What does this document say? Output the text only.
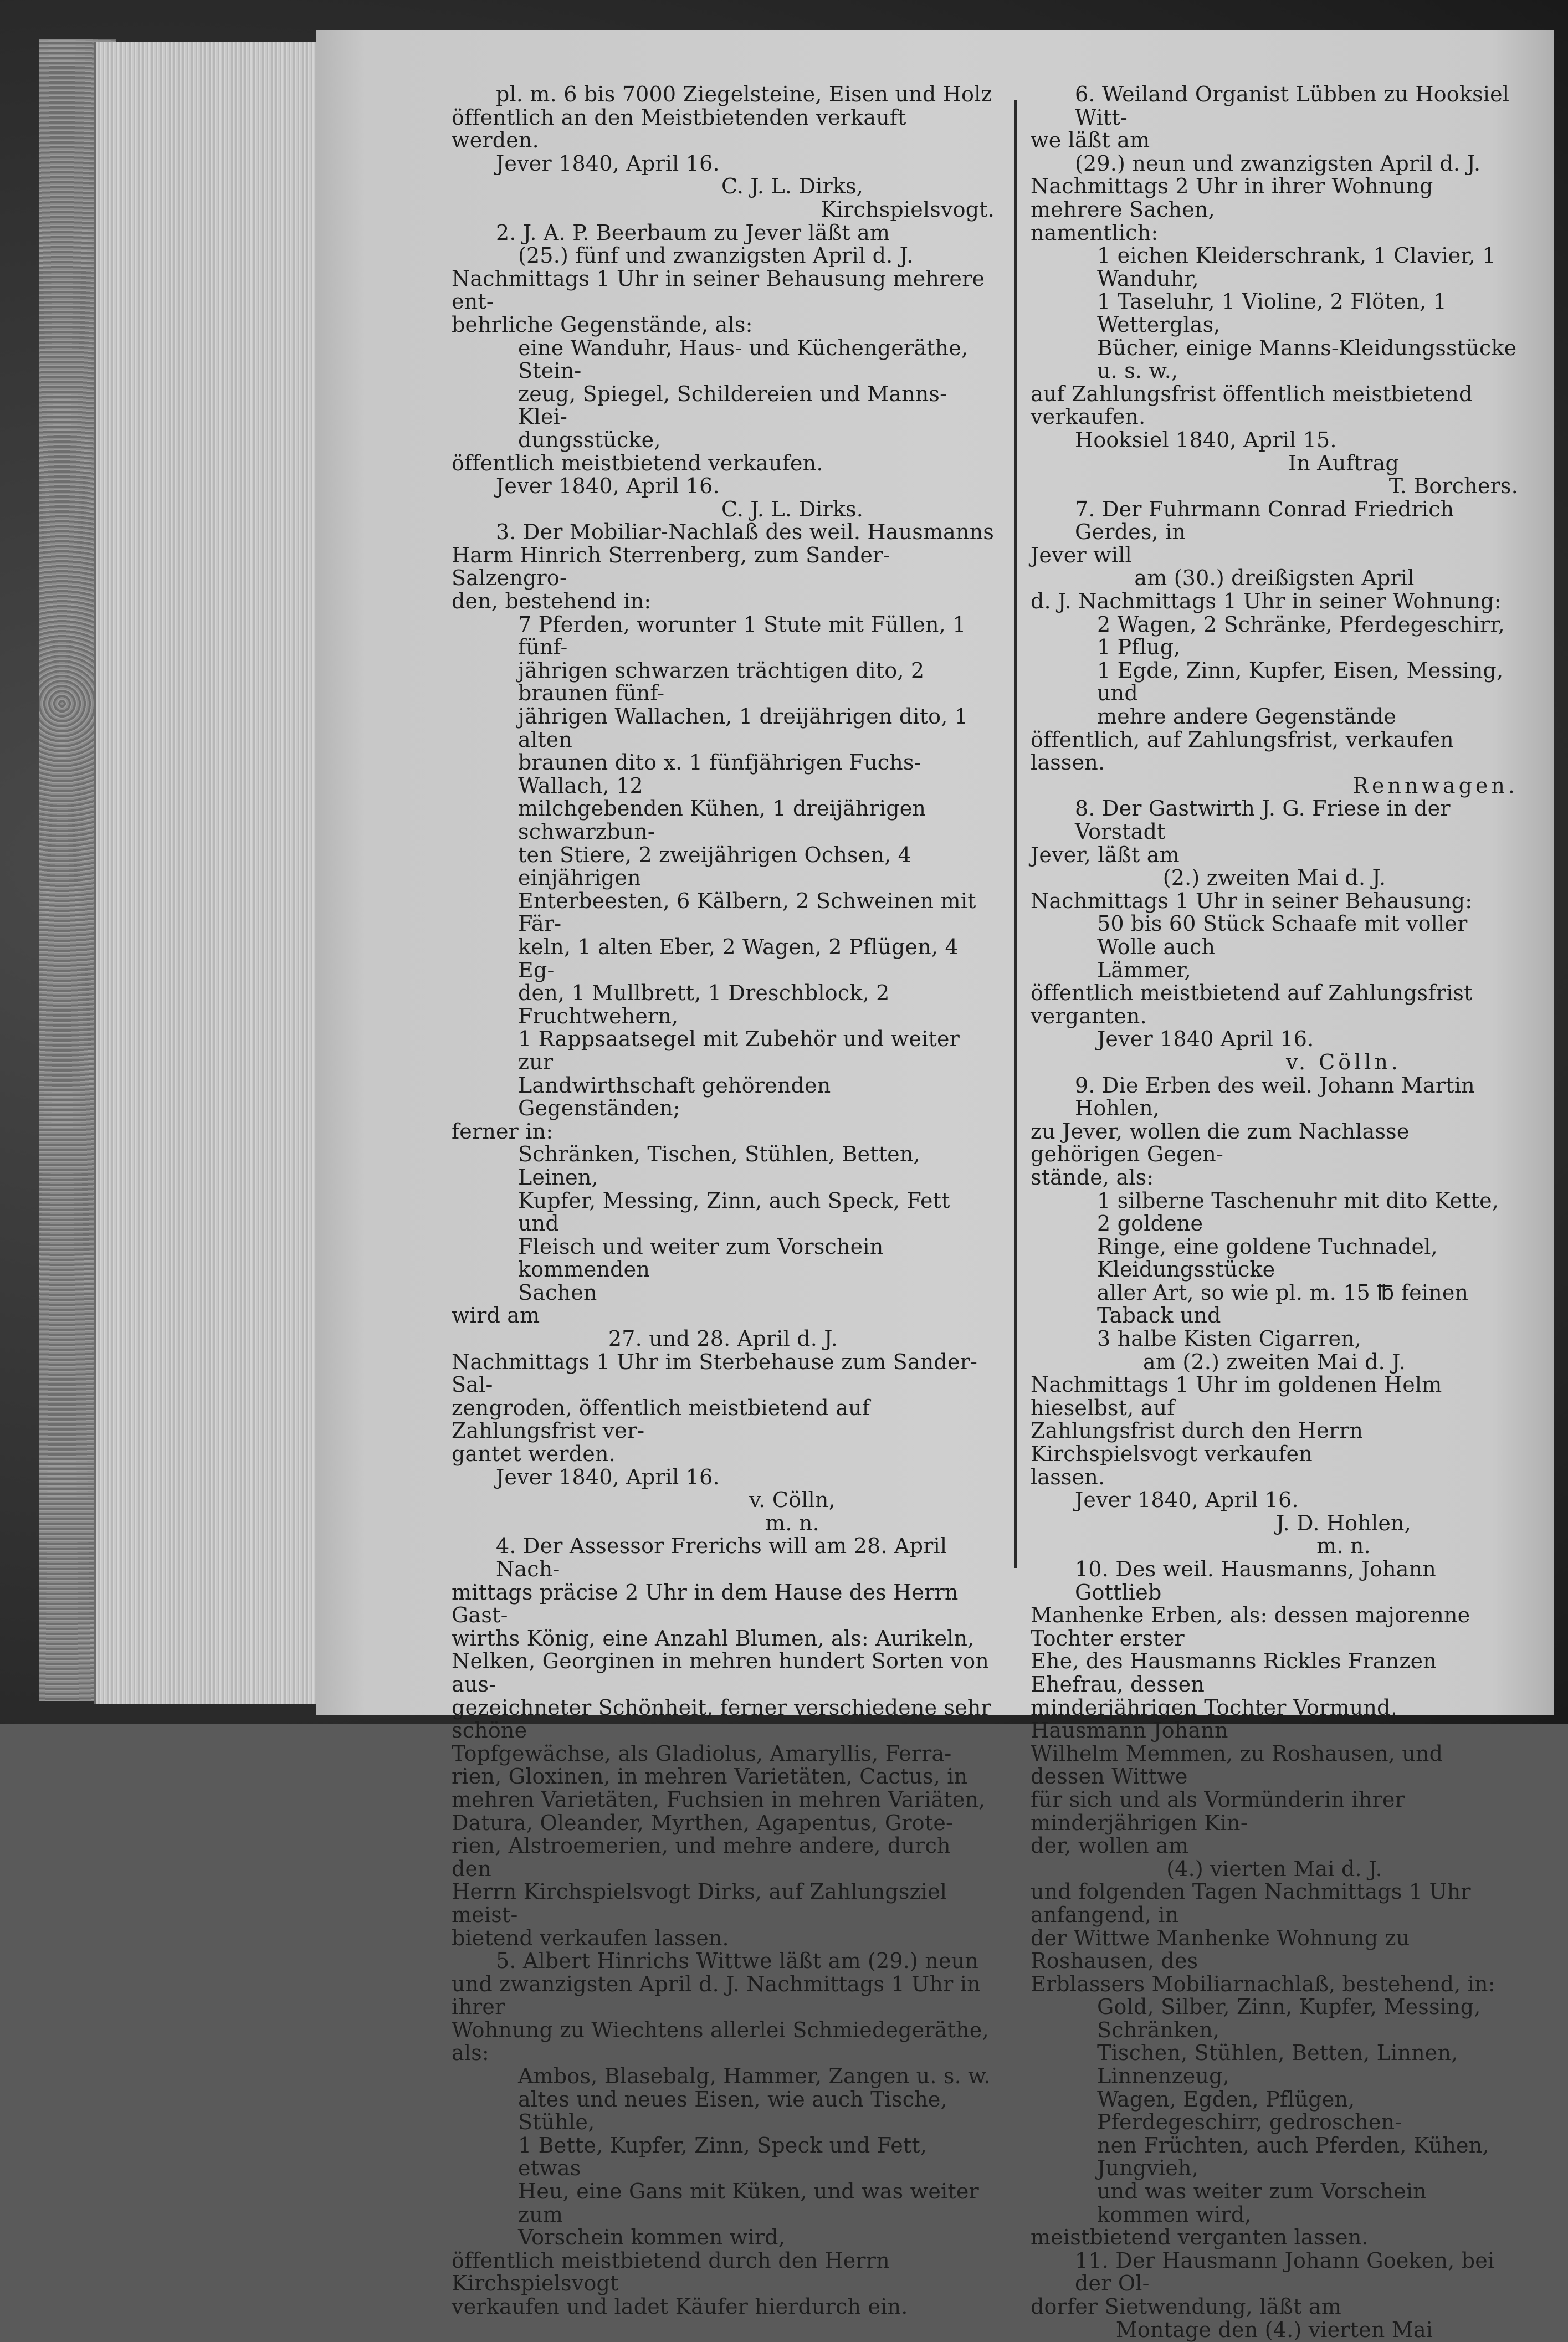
pl. m. 6 bis 7000 Ziegelsteine, Eisen und Holz

öffentlich an den Meistbietenden verkauft werden.

Jever 1840, April 16.

C. J. L. Dirks,

Kirchspielsvogt.

2. J. A. P. Beerbaum zu Jever läßt am

(25.) fünf und zwanzigsten April d. J.

Nachmittags 1 Uhr in seiner Behausung mehrere ent-

behrliche Gegenstände, als:

eine Wanduhr, Haus- und Küchengeräthe, Stein-

zeug, Spiegel, Schildereien und Manns-Klei-

dungsstücke,

öffentlich meistbietend verkaufen.

Jever 1840, April 16.

C. J. L. Dirks.

3. Der Mobiliar-Nachlaß des weil. Hausmanns

Harm Hinrich Sterrenberg, zum Sander-Salzengro-

den, bestehend in:

7 Pferden, worunter 1 Stute mit Füllen, 1 fünf-

jährigen schwarzen trächtigen dito, 2 braunen fünf-

jährigen Wallachen, 1 dreijährigen dito, 1 alten

braunen dito x. 1 fünfjährigen Fuchs-Wallach, 12

milchgebenden Kühen, 1 dreijährigen schwarzbun-

ten Stiere, 2 zweijährigen Ochsen, 4 einjährigen

Enterbeesten, 6 Kälbern, 2 Schweinen mit Fär-

keln, 1 alten Eber, 2 Wagen, 2 Pflügen, 4 Eg-

den, 1 Mullbrett, 1 Dreschblock, 2 Fruchtwehern,

1 Rappsaatsegel mit Zubehör und weiter zur

Landwirthschaft gehörenden Gegenständen;

ferner in:

Schränken, Tischen, Stühlen, Betten, Leinen,

Kupfer, Messing, Zinn, auch Speck, Fett und

Fleisch und weiter zum Vorschein kommenden

Sachen

wird am

27. und 28. April d. J.

Nachmittags 1 Uhr im Sterbehause zum Sander-Sal-

zengroden, öffentlich meistbietend auf Zahlungsfrist ver-

gantet werden.

Jever 1840, April 16.

v. Cölln,

m. n.

4. Der Assessor Frerichs will am 28. April Nach-

mittags präcise 2 Uhr in dem Hause des Herrn Gast-

wirths König, eine Anzahl Blumen, als: Aurikeln,

Nelken, Georginen in mehren hundert Sorten von aus-

gezeichneter Schönheit, ferner verschiedene sehr schöne

Topfgewächse, als Gladiolus, Amaryllis, Ferra-

rien, Gloxinen, in mehren Varietäten, Cactus, in

mehren Varietäten, Fuchsien in mehren Variäten,

Datura, Oleander, Myrthen, Agapentus, Grote-

rien, Alstroemerien, und mehre andere, durch den

Herrn Kirchspielsvogt Dirks, auf Zahlungsziel meist-

bietend verkaufen lassen.

5. Albert Hinrichs Wittwe läßt am (29.) neun

und zwanzigsten April d. J. Nachmittags 1 Uhr in ihrer

Wohnung zu Wiechtens allerlei Schmiedegeräthe, als:

Ambos, Blasebalg, Hammer, Zangen u. s. w.

altes und neues Eisen, wie auch Tische, Stühle,

1 Bette, Kupfer, Zinn, Speck und Fett, etwas

Heu, eine Gans mit Küken, und was weiter zum

Vorschein kommen wird,

öffentlich meistbietend durch den Herrn Kirchspielsvogt

verkaufen und ladet Käufer hierdurch ein.

6. Weiland Organist Lübben zu Hooksiel Witt-

we läßt am

(29.) neun und zwanzigsten April d. J.

Nachmittags 2 Uhr in ihrer Wohnung mehrere Sachen,

namentlich:

1 eichen Kleiderschrank, 1 Clavier, 1 Wanduhr,

1 Taseluhr, 1 Violine, 2 Flöten, 1 Wetterglas,

Bücher, einige Manns-Kleidungsstücke u. s. w.,

auf Zahlungsfrist öffentlich meistbietend verkaufen.

Hooksiel 1840, April 15.

In Auftrag

T. Borchers.

7. Der Fuhrmann Conrad Friedrich Gerdes, in

Jever will

am (30.) dreißigsten April

d. J. Nachmittags 1 Uhr in seiner Wohnung:

2 Wagen, 2 Schränke, Pferdegeschirr, 1 Pflug,

1 Egde, Zinn, Kupfer, Eisen, Messing, und

mehre andere Gegenstände

öffentlich, auf Zahlungsfrist, verkaufen lassen.

Rennwagen.

8. Der Gastwirth J. G. Friese in der Vorstadt

Jever, läßt am

(2.) zweiten Mai d. J.

Nachmittags 1 Uhr in seiner Behausung:

50 bis 60 Stück Schaafe mit voller Wolle auch

Lämmer,

öffentlich meistbietend auf Zahlungsfrist verganten.

Jever 1840 April 16.

v. Cölln.

9. Die Erben des weil. Johann Martin Hohlen,

zu Jever, wollen die zum Nachlasse gehörigen Gegen-

stände, als:

1 silberne Taschenuhr mit dito Kette, 2 goldene

Ringe, eine goldene Tuchnadel, Kleidungsstücke

aller Art, so wie pl. m. 15 ℔ feinen Taback und

3 halbe Kisten Cigarren,

am (2.) zweiten Mai d. J.

Nachmittags 1 Uhr im goldenen Helm hieselbst, auf

Zahlungsfrist durch den Herrn Kirchspielsvogt verkaufen

lassen.

Jever 1840, April 16.

J. D. Hohlen,

m. n.

10. Des weil. Hausmanns, Johann Gottlieb

Manhenke Erben, als: dessen majorenne Tochter erster

Ehe, des Hausmanns Rickles Franzen Ehefrau, dessen

minderjährigen Tochter Vormund, Hausmann Johann

Wilhelm Memmen, zu Roshausen, und dessen Wittwe

für sich und als Vormünderin ihrer minderjährigen Kin-

der, wollen am

(4.) vierten Mai d. J.

und folgenden Tagen Nachmittags 1 Uhr anfangend, in

der Wittwe Manhenke Wohnung zu Roshausen, des

Erblassers Mobiliarnachlaß, bestehend, in:

Gold, Silber, Zinn, Kupfer, Messing, Schränken,

Tischen, Stühlen, Betten, Linnen, Linnenzeug,

Wagen, Egden, Pflügen, Pferdegeschirr, gedroschen-

nen Früchten, auch Pferden, Kühen, Jungvieh,

und was weiter zum Vorschein kommen wird,

meistbietend verganten lassen.

11. Der Hausmann Johann Goeken, bei der Ol-

dorfer Sietwendung, läßt am

Montage den (4.) vierten Mai
